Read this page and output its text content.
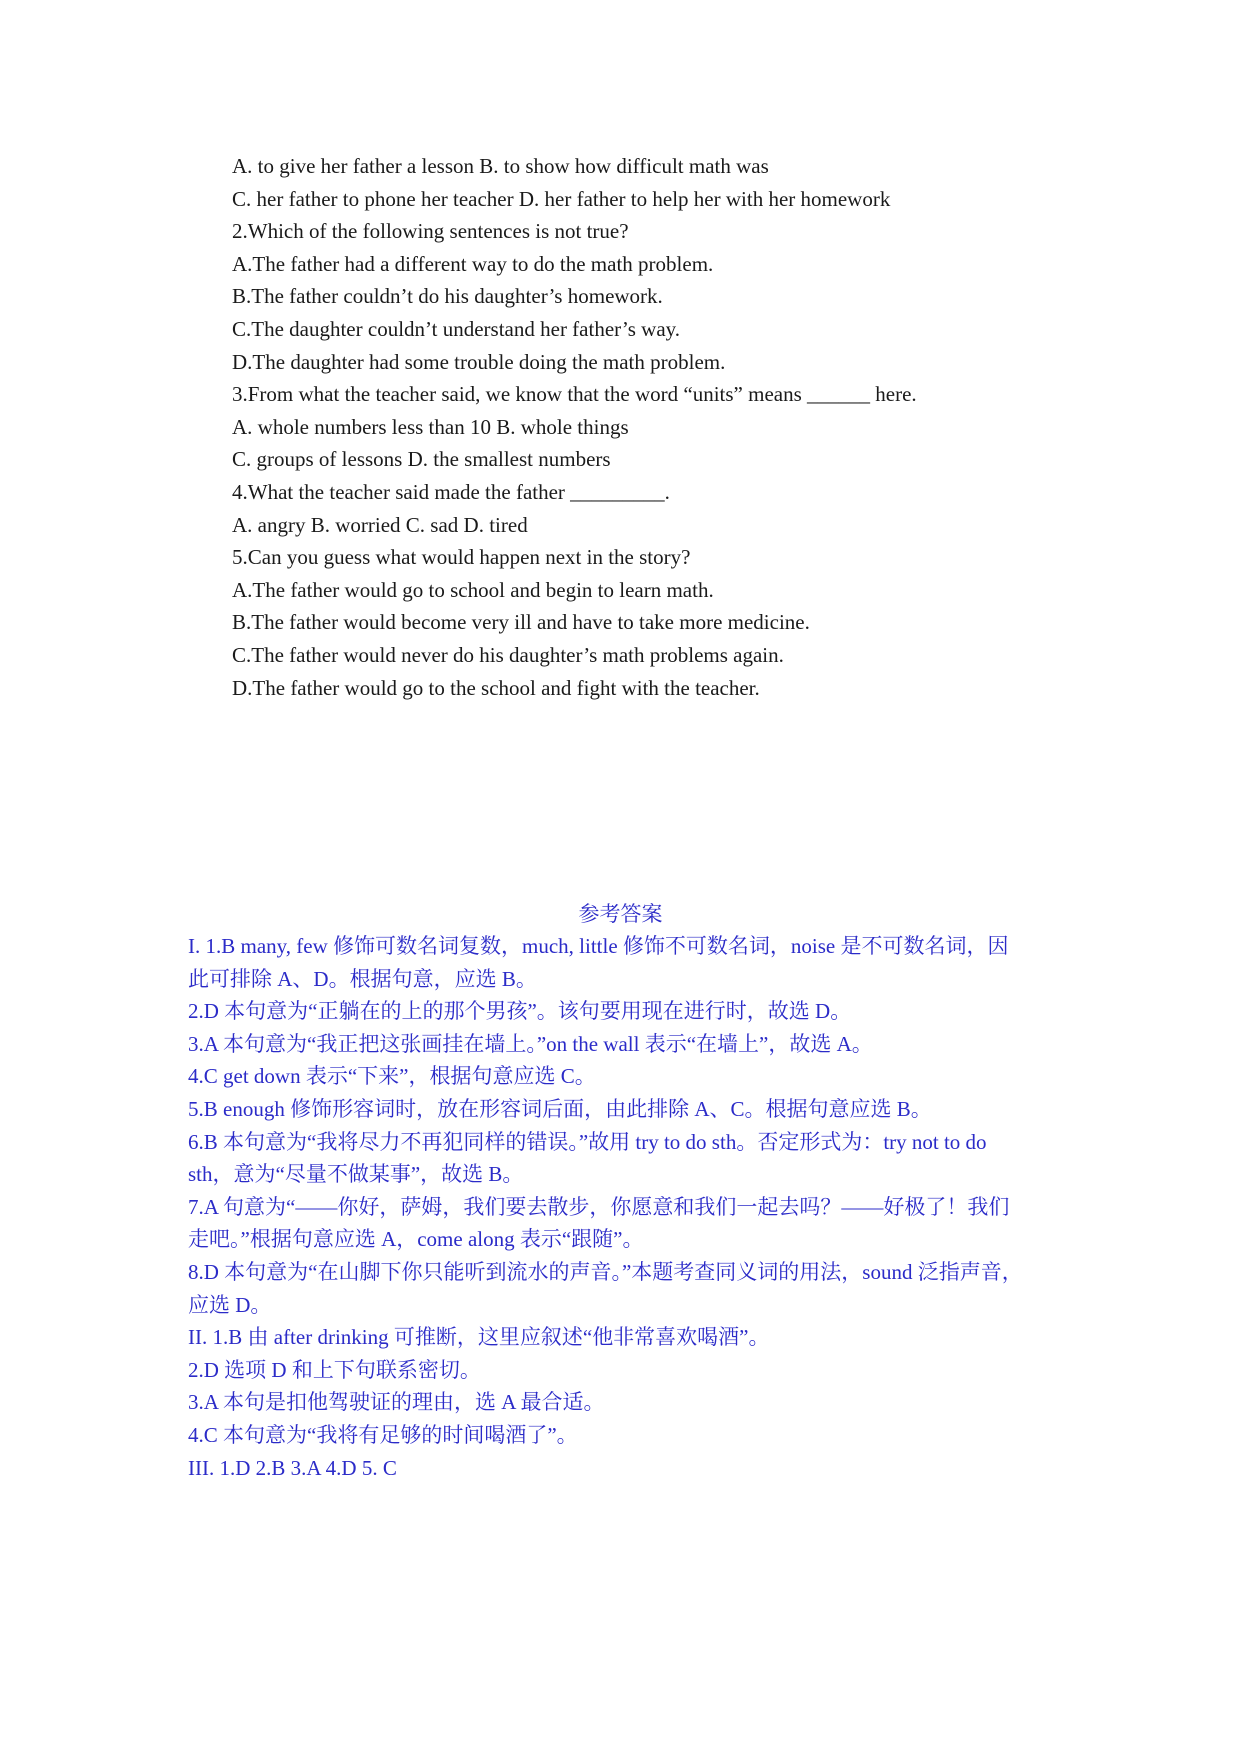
A. to give her father a lesson B. to show how difficult math was
C. her father to phone her teacher D. her father to help her with her homework
2.Which of the following sentences is not true?
A.The father had a different way to do the math problem.
B.The father couldn’t do his daughter’s homework.
C.The daughter couldn’t understand her father’s way.
D.The daughter had some trouble doing the math problem.
3.From what the teacher said, we know that the word “units” means ______ here.
A. whole numbers less than 10 B. whole things
C. groups of lessons D. the smallest numbers
4.What the teacher said made the father _________.
A. angry B. worried C. sad D. tired
5.Can you guess what would happen next in the story?
A.The father would go to school and begin to learn math.
B.The father would become very ill and have to take more medicine.
C.The father would never do his daughter’s math problems again.
D.The father would go to the school and fight with the teacher.
参考答案
I. 1.B many, few 修饰可数名词复数，much, little 修饰不可数名词，noise 是不可数名词，因
此可排除 A、D。根据句意，应选 B。
2.D 本句意为“正躺在的上的那个男孩”。该句要用现在进行时，故选 D。
3.A 本句意为“我正把这张画挂在墙上。”on the wall 表示“在墙上”，故选 A。
4.C get down 表示“下来”，根据句意应选 C。
5.B enough 修饰形容词时，放在形容词后面，由此排除 A、C。根据句意应选 B。
6.B 本句意为“我将尽力不再犯同样的错误。”故用 try to do sth。否定形式为：try not to do
sth，意为“尽量不做某事”，故选 B。
7.A 句意为“——你好，萨姆，我们要去散步，你愿意和我们一起去吗？——好极了！我们
走吧。”根据句意应选 A，come along 表示“跟随”。
8.D 本句意为“在山脚下你只能听到流水的声音。”本题考查同义词的用法，sound 泛指声音，
应选 D。
II. 1.B 由 after drinking 可推断，这里应叙述“他非常喜欢喝酒”。
2.D 选项 D 和上下句联系密切。
3.A 本句是扣他驾驶证的理由，选 A 最合适。
4.C 本句意为“我将有足够的时间喝酒了”。
III. 1.D 2.B 3.A 4.D 5. C
